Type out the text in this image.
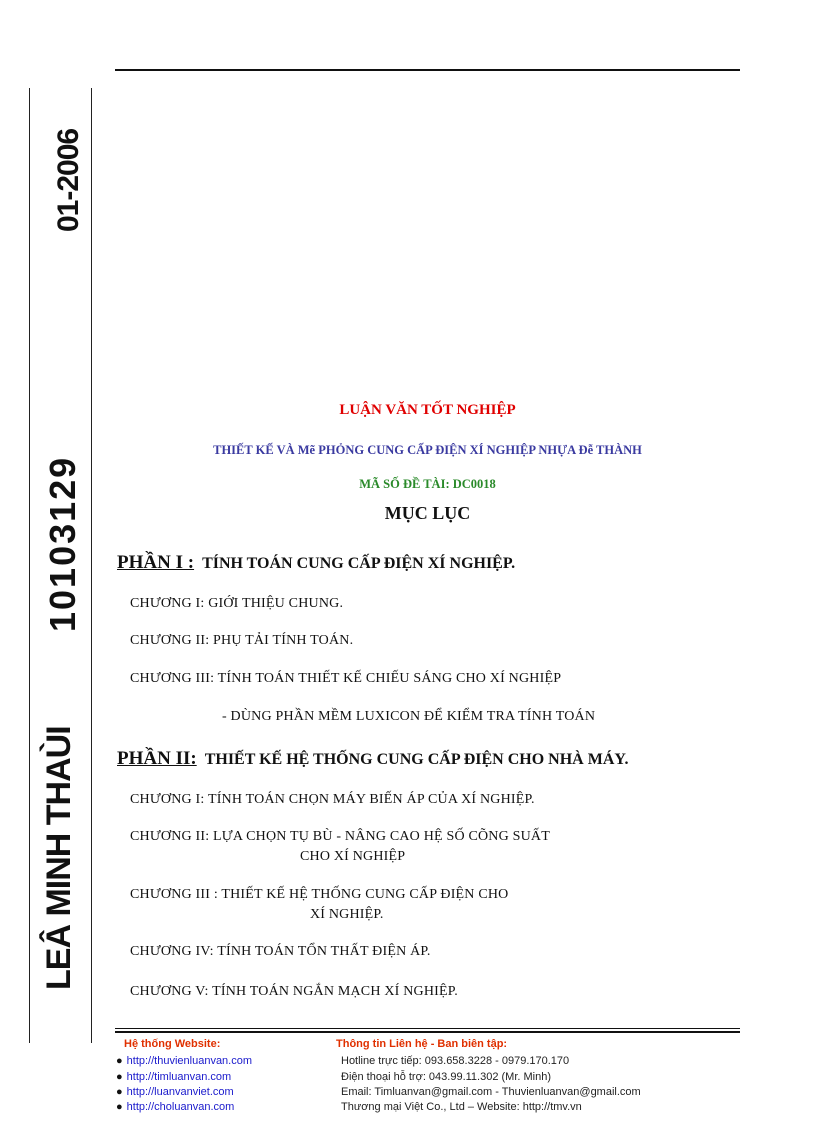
01-2006
10103129
LEÂ MINH THAÙI
LUẬN VĂN TỐT NGHIỆP
THIẾT KẾ VÀ Mẽ PHỎNG CUNG CẤP ĐIỆN XÍ NGHIỆP NHỰA Đễ THÀNH
MÃ SỐ ĐỀ TÀI: DC0018
MỤC LỤC
PHẦN I : TÍNH TOÁN CUNG CẤP ĐIỆN XÍ NGHIỆP.
CHƯƠNG I: GIỚI THIỆU CHUNG.
CHƯƠNG II: PHỤ TẢI TÍNH TOÁN.
CHƯƠNG III: TÍNH TOÁN THIẾT KẾ CHIẾU SÁNG CHO XÍ NGHIỆP
- DÙNG PHẦN MỀM LUXICON ĐỂ KIỂM TRA TÍNH TOÁN
PHẦN II: THIẾT KẾ HỆ THỐNG CUNG CẤP ĐIỆN CHO NHÀ MÁY.
CHƯƠNG I: TÍNH TOÁN CHỌN MÁY BIẾN ÁP CỦA XÍ NGHIỆP.
CHƯƠNG II: LỰA CHỌN TỤ BÙ - NÂNG CAO HỆ SỐ CÕNG SUẤT
CHO XÍ NGHIỆP
CHƯƠNG III : THIẾT KẾ HỆ THỐNG CUNG CẤP ĐIỆN CHO
XÍ NGHIỆP.
CHƯƠNG IV: TÍNH TOÁN TỔN THẤT ĐIỆN ÁP.
CHƯƠNG V: TÍNH TOÁN NGẮN MẠCH XÍ NGHIỆP.
Hệ thống Website:	Thông tin Liên hệ - Ban biên tập:
● http://thuvienluanvan.com
● http://timluanvan.com
● http://luanvanviet.com
● http://choluanvan.com
Hotline trực tiếp: 093.658.3228 - 0979.170.170
Điện thoại hỗ trợ: 043.99.11.302 (Mr. Minh)
Email: Timluanvan@gmail.com - Thuvienluanvan@gmail.com
Thương mại Việt Co., Ltd – Website: http://tmv.vn
